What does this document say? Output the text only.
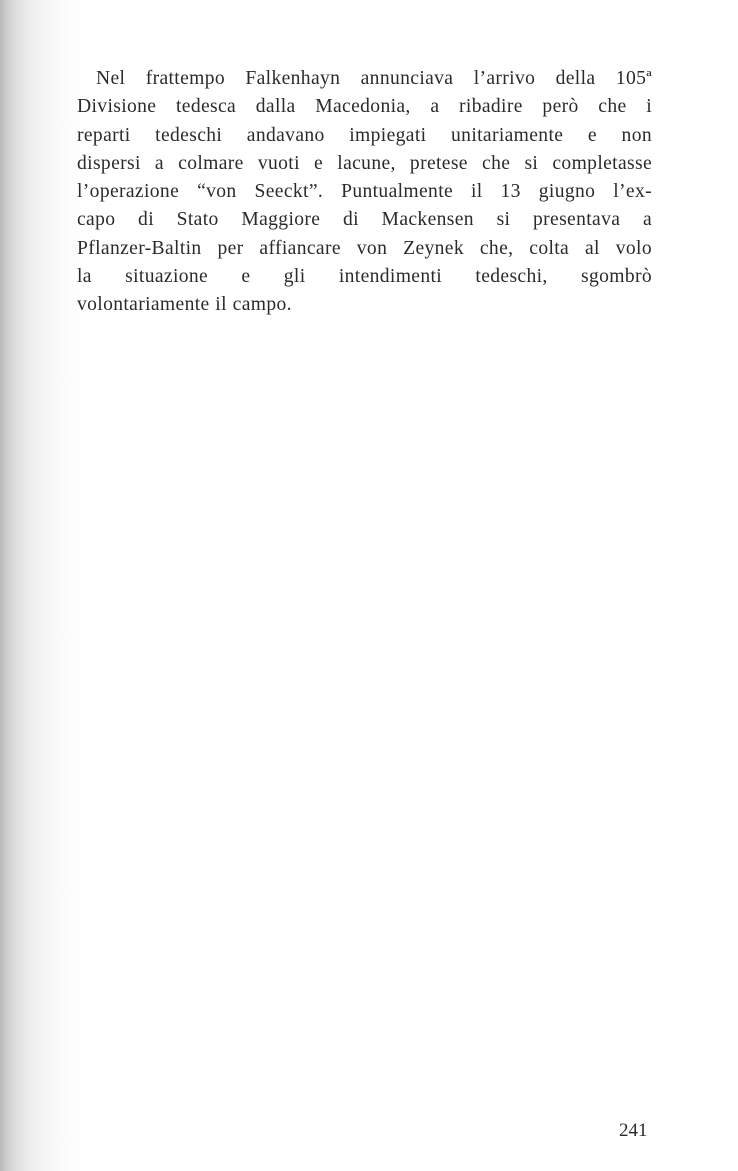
Nel frattempo Falkenhayn annunciava l’arrivo della 105ª
Divisione tedesca dalla Macedonia, a ribadire però che i
reparti tedeschi andavano impiegati unitariamente e non
dispersi a colmare vuoti e lacune, pretese che si completasse
l’operazione “von Seeckt”. Puntualmente il 13 giugno l’ex-
capo di Stato Maggiore di Mackensen si presentava a
Pflanzer-Baltin per affiancare von Zeynek che, colta al volo
la situazione e gli intendimenti tedeschi, sgombrò
volontariamente il campo.

241
